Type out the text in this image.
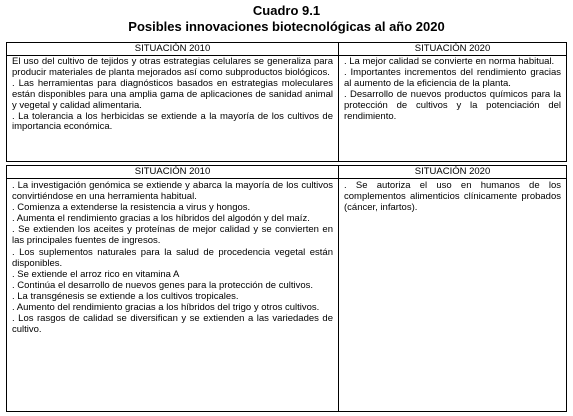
Cuadro 9.1
Posibles innovaciones biotecnológicas al año 2020
SITUACIÓN 2010

El uso del cultivo de tejidos y otras estrategias celulares se generaliza para producir materiales de planta mejorados así como subproductos biológicos.

. Las herramientas para diagnósticos basados en estrategias moleculares están disponibles para una amplia gama de aplicaciones de sanidad animal y vegetal y calidad alimentaria.

. La tolerancia a los herbicidas se extiende a la mayoría de los cultivos de importancia económica.

SITUACIÓN 2020

. La mejor calidad se convierte en norma habitual.

. Importantes incrementos del rendimiento gracias al aumento de la eficiencia de la planta.

. Desarrollo de nuevos productos químicos para la protección de cultivos y la potenciación del rendimiento.

SITUACIÓN 2010

. La investigación genómica se extiende y abarca la mayoría de los cultivos convirtiéndose en una herramienta habitual.

. Comienza a extenderse la resistencia a virus y hongos.

. Aumenta el rendimiento gracias a los híbridos del algodón y del maíz.

. Se extienden los aceites y proteínas de mejor calidad y se convierten en las principales fuentes de ingresos.

. Los suplementos naturales para la salud de procedencia vegetal están disponibles.

. Se extiende el arroz rico en vitamina A

. Continúa el desarrollo de nuevos genes para la protección de cultivos.

. La transgénesis se extiende a los cultivos tropicales.

. Aumento del rendimiento gracias a los híbridos del trigo y otros cultivos.

. Los rasgos de calidad se diversifican y se extienden a las variedades de cultivo.

SITUACIÓN 2020

. Se autoriza el uso en humanos de los complementos alimenticios clínicamente probados (cáncer, infartos).
